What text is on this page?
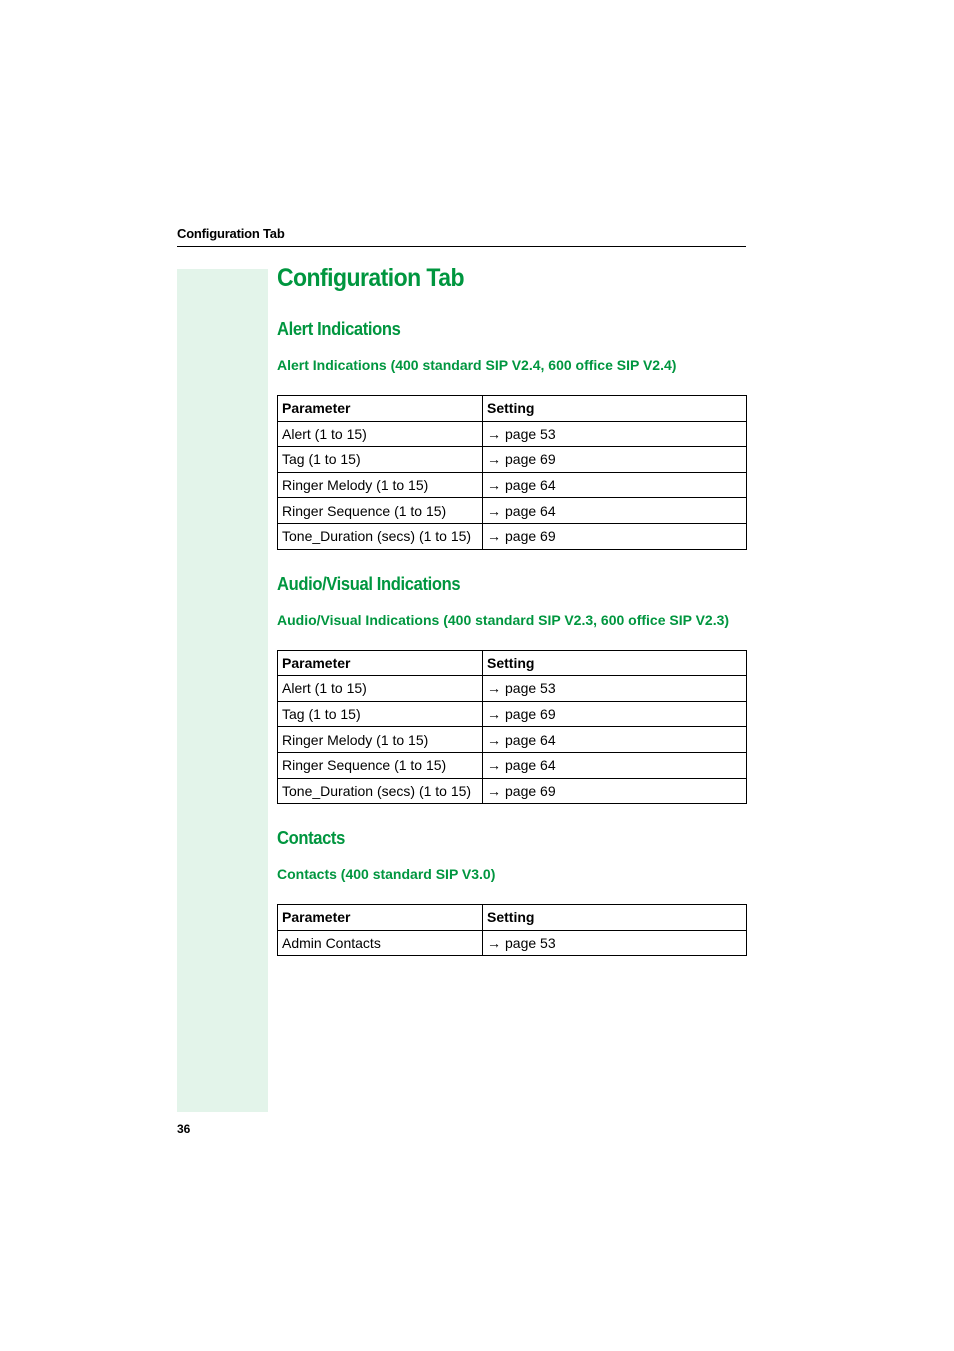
Configuration Tab
36
Configuration Tab
Alert Indications
Alert Indications (400 standard SIP V2.4, 600 office SIP V2.4)
Parameter	Setting
Alert (1 to 15)	→ page 53
Tag (1 to 15)	→ page 69
Ringer Melody (1 to 15)	→ page 64
Ringer Sequence (1 to 15)	→ page 64
Tone_Duration (secs) (1 to 15)	→ page 69
Audio/Visual Indications
Audio/Visual Indications (400 standard SIP V2.3, 600 office SIP V2.3)
Parameter	Setting
Alert (1 to 15)	→ page 53
Tag (1 to 15)	→ page 69
Ringer Melody (1 to 15)	→ page 64
Ringer Sequence (1 to 15)	→ page 64
Tone_Duration (secs) (1 to 15)	→ page 69
Contacts
Contacts (400 standard SIP V3.0)
Parameter	Setting
Admin Contacts	→ page 53
